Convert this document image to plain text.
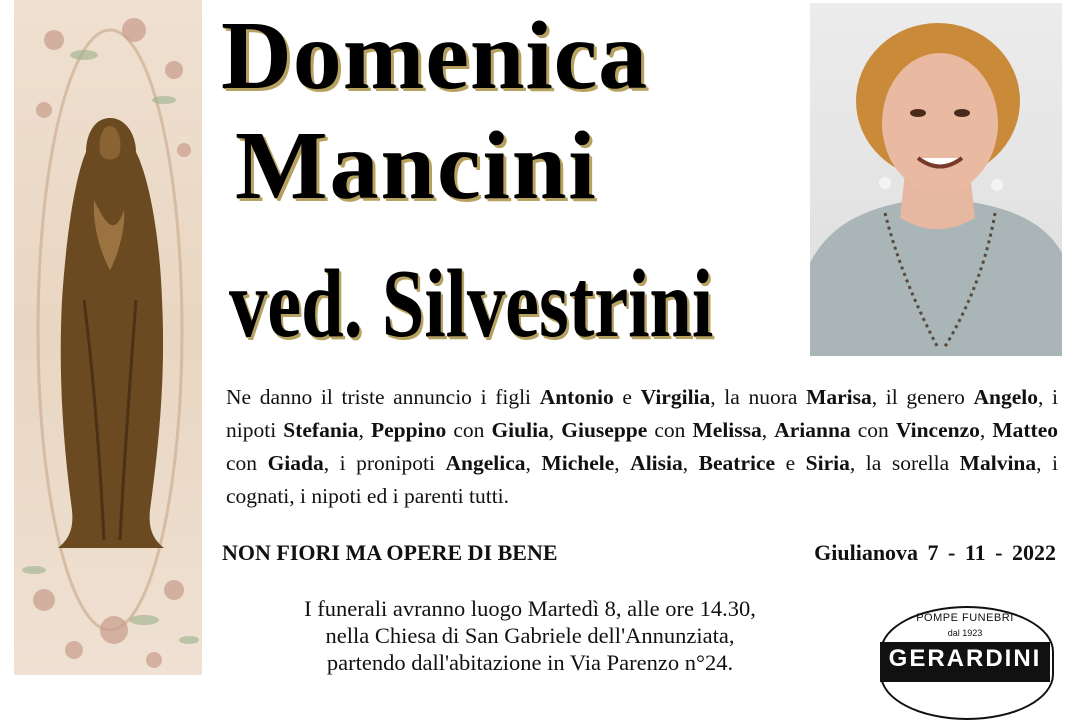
Domenica
Mancini
ved. Silvestrini
Ne danno il triste annuncio i figli Antonio e Virgilia, la nuora Marisa, il genero Angelo, i nipoti Stefania, Peppino con Giulia, Giuseppe con Melissa, Arianna con Vincenzo, Matteo con Giada, i pronipoti Angelica, Michele, Alisia, Beatrice e Siria, la sorella Malvina, i cognati, i nipoti ed i parenti tutti.
NON FIORI MA OPERE DI BENE	Giulianova 7 - 11 - 2022
I funerali avranno luogo Martedì 8, alle ore 14.30,
nella Chiesa di San Gabriele dell'Annunziata,
partendo dall'abitazione in Via Parenzo n°24.
POMPE FUNEBRI
dal 1923
GERARDINI
